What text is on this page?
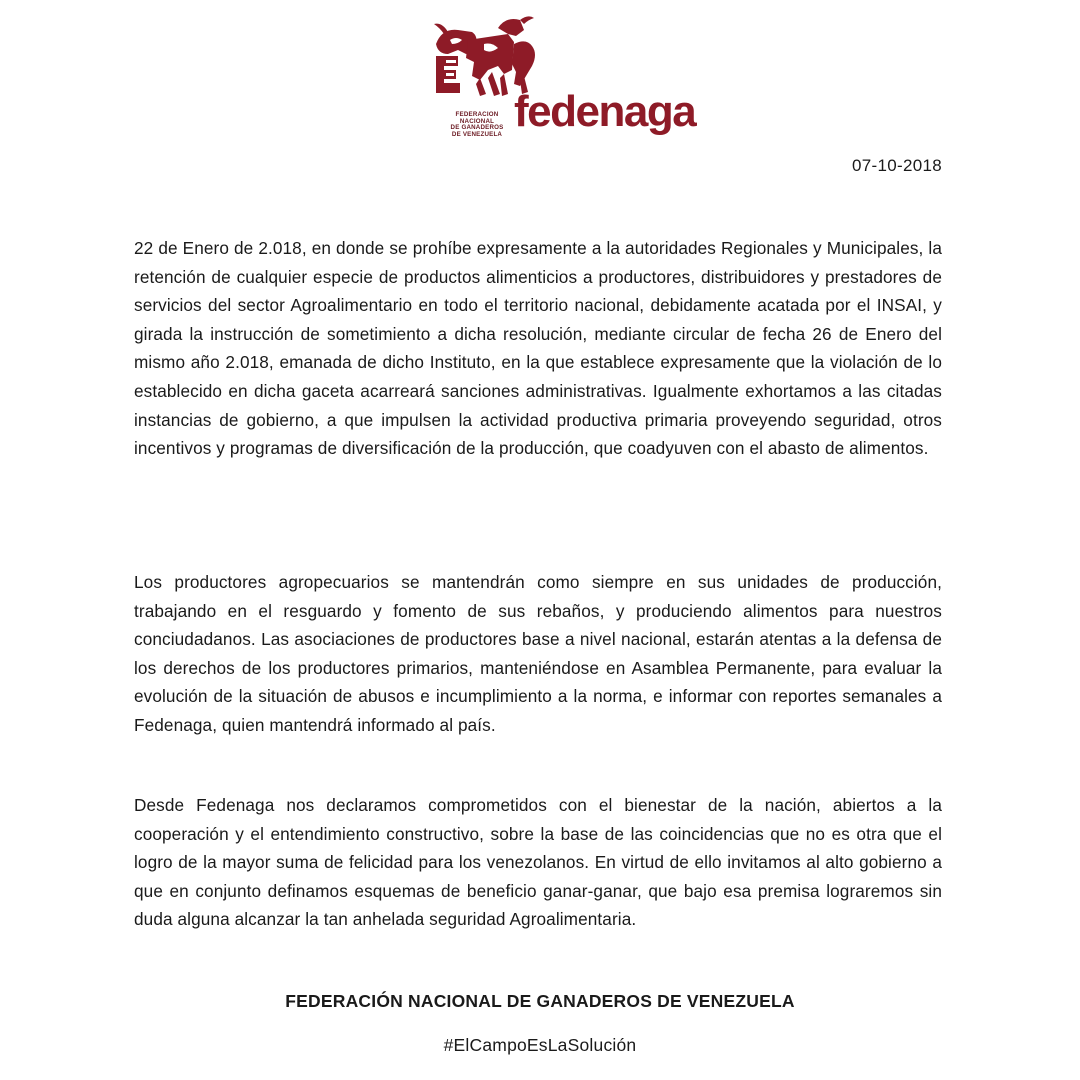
FEDERACION
NACIONAL
DE GANADEROS
DE VENEZUELA fedenaga
07-10-2018

22 de Enero de 2.018, en donde se prohíbe expresamente a la autoridades Regionales y Municipales, la retención de cualquier especie de productos alimenticios a productores, distribuidores y prestadores de servicios del sector Agroalimentario en todo el territorio nacional, debidamente acatada por el INSAI, y girada la instrucción de sometimiento a dicha resolución, mediante circular de fecha 26 de Enero del mismo año 2.018, emanada de dicho Instituto, en la que establece expresamente que la violación de lo establecido en dicha gaceta acarreará sanciones administrativas. Igualmente exhortamos a las citadas instancias de gobierno, a que impulsen la actividad productiva primaria proveyendo seguridad, otros incentivos y programas de diversificación de la producción, que coadyuven con el abasto de alimentos.

Los productores agropecuarios se mantendrán como siempre en sus unidades de producción, trabajando en el resguardo y fomento de sus rebaños, y produciendo alimentos para nuestros conciudadanos. Las asociaciones de productores base a nivel nacional, estarán atentas a la defensa de los derechos de los productores primarios, manteniéndose en Asamblea Permanente, para evaluar la evolución de la situación de abusos e incumplimiento a la norma, e informar con reportes semanales a Fedenaga, quien mantendrá informado al país.

Desde Fedenaga nos declaramos comprometidos con el bienestar de la nación, abiertos a la cooperación y el entendimiento constructivo, sobre la base de las coincidencias que no es otra que el logro de la mayor suma de felicidad para los venezolanos. En virtud de ello invitamos al alto gobierno a que en conjunto definamos esquemas de beneficio ganar-ganar, que bajo esa premisa lograremos sin duda alguna alcanzar la tan anhelada seguridad Agroalimentaria.

FEDERACIÓN NACIONAL DE GANADEROS DE VENEZUELA
#ElCampoEsLaSolución
